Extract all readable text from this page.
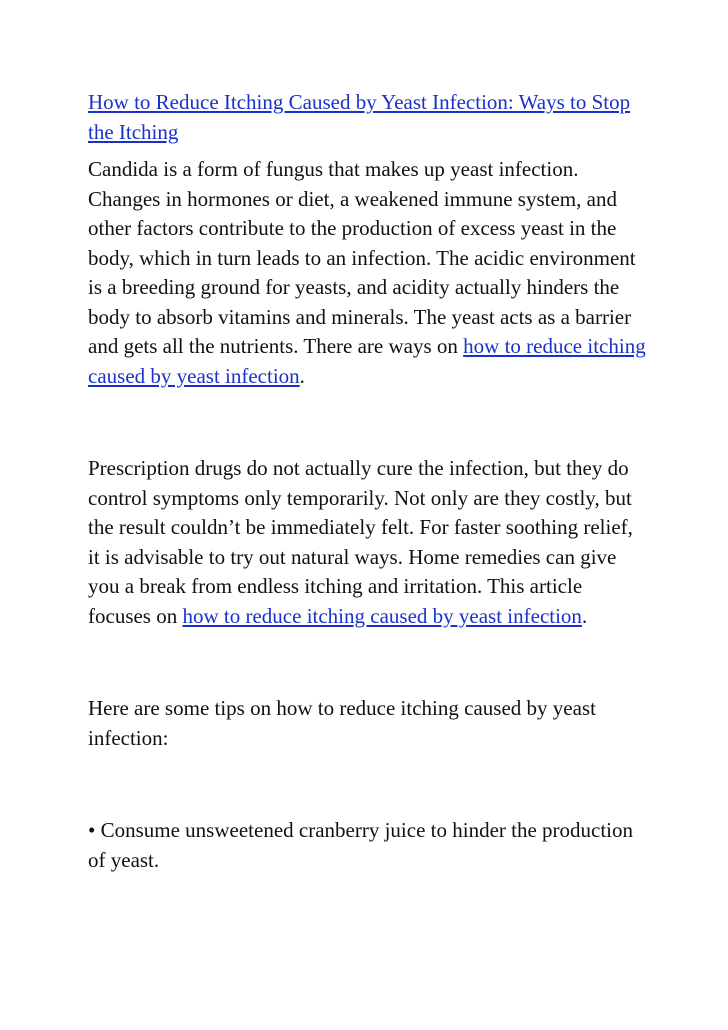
How to Reduce Itching Caused by Yeast Infection: Ways to Stop the Itching

Candida is a form of fungus that makes up yeast infection. Changes in hormones or diet, a weakened immune system, and other factors contribute to the production of excess yeast in the body, which in turn leads to an infection. The acidic environment is a breeding ground for yeasts, and acidity actually hinders the body to absorb vitamins and minerals. The yeast acts as a barrier and gets all the nutrients. There are ways on how to reduce itching caused by yeast infection.

Prescription drugs do not actually cure the infection, but they do control symptoms only temporarily. Not only are they costly, but the result couldn’t be immediately felt. For faster soothing relief, it is advisable to try out natural ways. Home remedies can give you a break from endless itching and irritation. This article focuses on how to reduce itching caused by yeast infection.

Here are some tips on how to reduce itching caused by yeast infection:

• Consume unsweetened cranberry juice to hinder the production of yeast.
